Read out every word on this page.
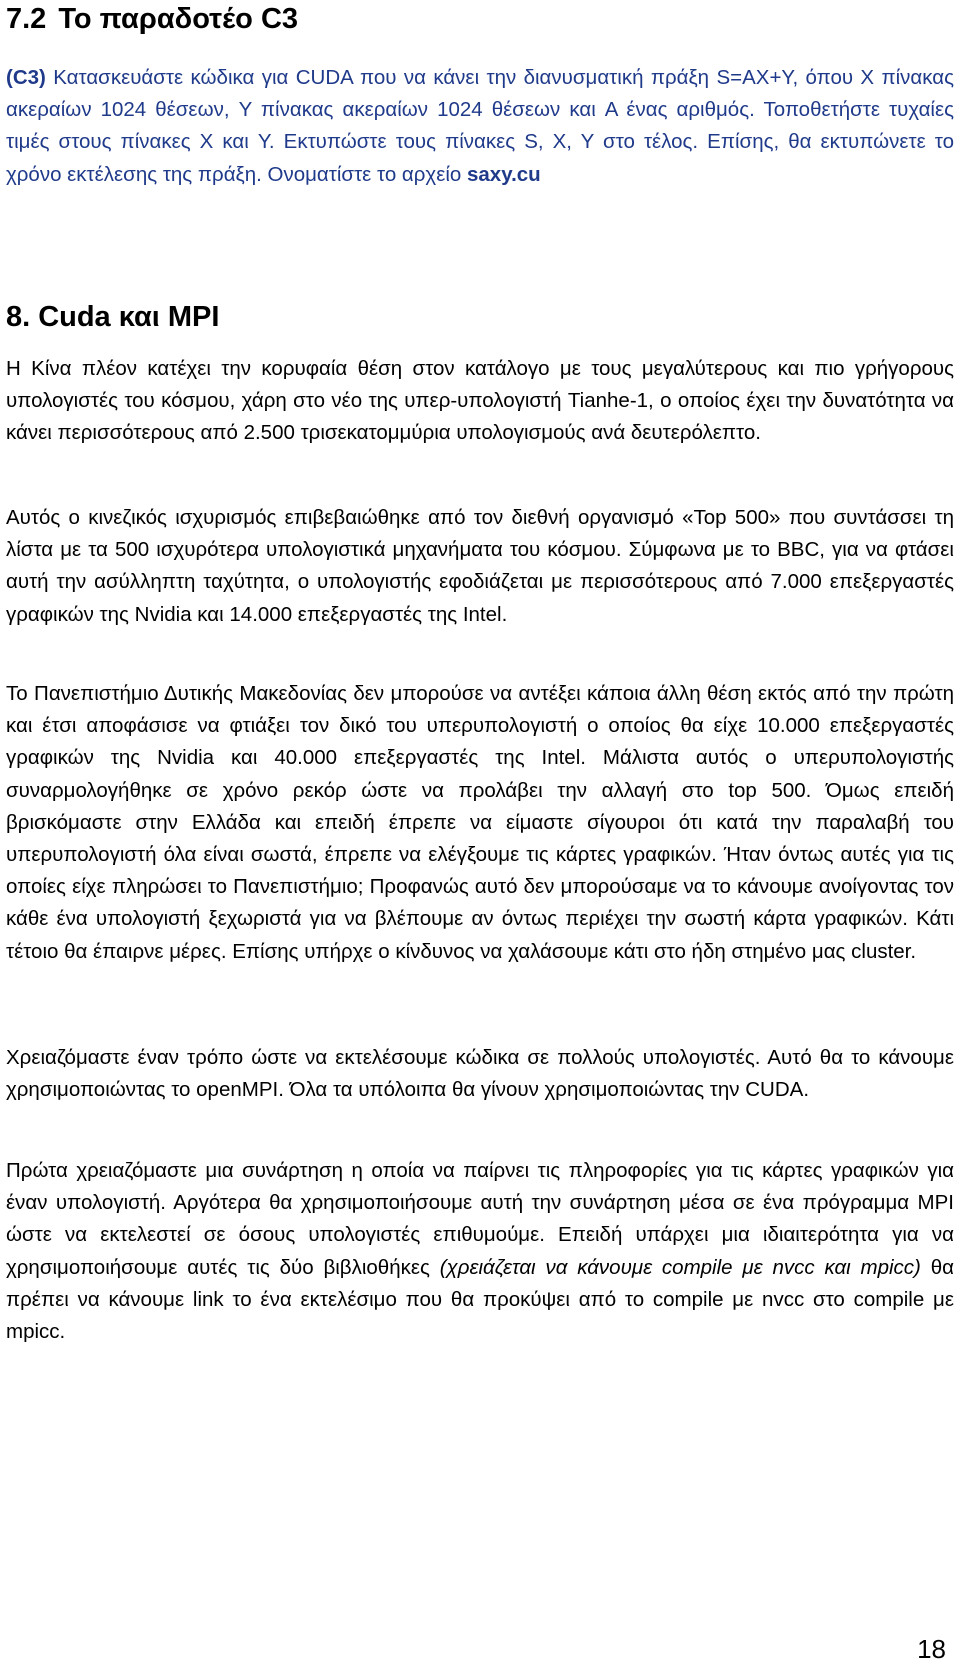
7.2 Το παραδοτέο C3

(C3) Κατασκευάστε κώδικα για CUDA που να κάνει την διανυσματική πράξη S=AX+Y, όπου X πίνακας ακεραίων 1024 θέσεων, Y πίνακας ακεραίων 1024 θέσεων και A ένας αριθμός. Τοποθετήστε τυχαίες τιμές στους πίνακες X και Y. Εκτυπώστε τους πίνακες S, X, Y στο τέλος. Επίσης, θα εκτυπώνετε το χρόνο εκτέλεσης της πράξη. Ονοματίστε το αρχείο saxy.cu

8. Cuda και MPI

Η Κίνα πλέον κατέχει την κορυφαία θέση στον κατάλογο με τους μεγαλύτερους και πιο γρήγορους υπολογιστές του κόσμου, χάρη στο νέο της υπερ-υπολογιστή Tianhe-1, ο οποίος έχει την δυνατότητα να κάνει περισσότερους από 2.500 τρισεκατομμύρια υπολογισμούς ανά δευτερόλεπτο.

Αυτός ο κινεζικός ισχυρισμός επιβεβαιώθηκε από τον διεθνή οργανισμό «Top 500» που συντάσσει τη λίστα με τα 500 ισχυρότερα υπολογιστικά μηχανήματα του κόσμου. Σύμφωνα με το BBC, για να φτάσει αυτή την ασύλληπτη ταχύτητα, ο υπολογιστής εφοδιάζεται με περισσότερους από 7.000 επεξεργαστές γραφικών της Nvidia και 14.000 επεξεργαστές της Intel.

Το Πανεπιστήμιο Δυτικής Μακεδονίας δεν μπορούσε να αντέξει κάποια άλλη θέση εκτός από την πρώτη και έτσι αποφάσισε να φτιάξει τον δικό του υπερυπολογιστή ο οποίος θα είχε 10.000 επεξεργαστές γραφικών της Nvidia και 40.000 επεξεργαστές της Intel. Μάλιστα αυτός ο υπερυπολογιστής συναρμολογήθηκε σε χρόνο ρεκόρ ώστε να προλάβει την αλλαγή στο top 500. Όμως επειδή βρισκόμαστε στην Ελλάδα και επειδή έπρεπε να είμαστε σίγουροι ότι κατά την παραλαβή του υπερυπολογιστή όλα είναι σωστά, έπρεπε να ελέγξουμε τις κάρτες γραφικών. Ήταν όντως αυτές για τις οποίες είχε πληρώσει το Πανεπιστήμιο; Προφανώς αυτό δεν μπορούσαμε να το κάνουμε ανοίγοντας τον κάθε ένα υπολογιστή ξεχωριστά για να βλέπουμε αν όντως περιέχει την σωστή κάρτα γραφικών. Κάτι τέτοιο θα έπαιρνε μέρες. Επίσης υπήρχε ο κίνδυνος να χαλάσουμε κάτι στο ήδη στημένο μας cluster.

Χρειαζόμαστε έναν τρόπο ώστε να εκτελέσουμε κώδικα σε πολλούς υπολογιστές. Αυτό θα το κάνουμε χρησιμοποιώντας το openMPI. Όλα τα υπόλοιπα θα γίνουν χρησιμοποιώντας την CUDA.

Πρώτα χρειαζόμαστε μια συνάρτηση η οποία να παίρνει τις πληροφορίες για τις κάρτες γραφικών για έναν υπολογιστή. Αργότερα θα χρησιμοποιήσουμε αυτή την συνάρτηση μέσα σε ένα πρόγραμμα MPI ώστε να εκτελεστεί σε όσους υπολογιστές επιθυμούμε. Επειδή υπάρχει μια ιδιαιτερότητα για να χρησιμοποιήσουμε αυτές τις δύο βιβλιοθήκες (χρειάζεται να κάνουμε compile με nvcc και mpicc) θα πρέπει να κάνουμε link το ένα εκτελέσιμο που θα προκύψει από το compile με nvcc στο compile με mpicc.

18
